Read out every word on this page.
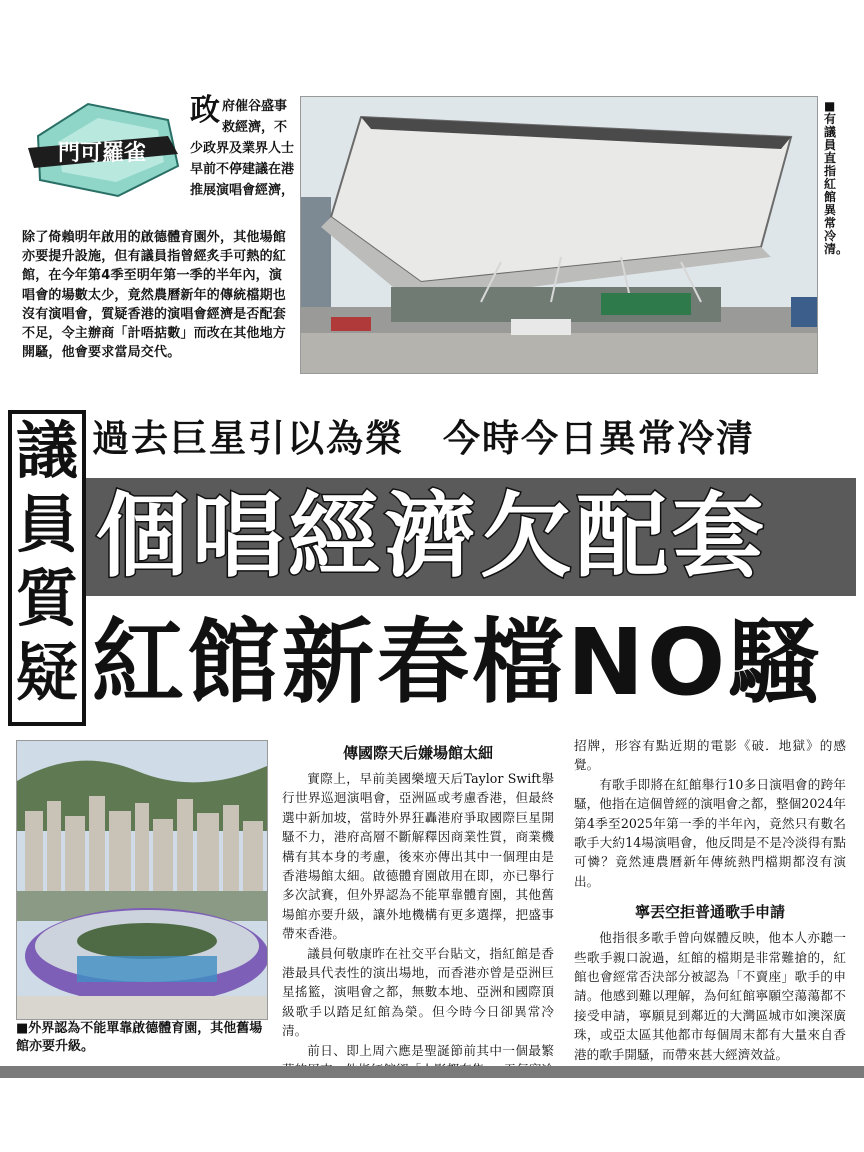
門可羅雀
政 府催谷盛事救經濟，不少政界及業界人士早前不停建議在港推展演唱會經濟，
除了倚賴明年啟用的啟德體育園外，其他場館亦要提升設施，但有議員指曾經炙手可熱的紅館，在今年第4季至明年第一季的半年內，演唱會的場數太少，竟然農曆新年的傳統檔期也沒有演唱會，質疑香港的演唱會經濟是否配套不足，令主辦商「計唔掂數」而改在其他地方開騷，他會要求當局交代。
■有議員直指紅館異常冷清。
議
員
質
疑
過去巨星引以為榮　今時今日異常冷清
個唱經濟欠配套
紅館新春檔NO騷
■外界認為不能單靠啟德體育園，其他舊場館亦要升級。
傳國際天后嫌場館太細

實際上，早前美國樂壇天后Taylor Swift舉行世界巡迴演唱會，亞洲區或考慮香港，但最終選中新加坡，當時外界狂轟港府爭取國際巨星開騷不力，港府高層不斷解釋因商業性質，商業機構有其本身的考慮，後來亦傳出其中一個理由是香港場館太細。啟德體育園啟用在即，亦已舉行多次試賽，但外界認為不能單靠體育園，其他舊場館亦要升級，讓外地機構有更多選擇，把盛事帶來香港。

議員何敬康昨在社交平台貼文，指紅館是香港最具代表性的演出場地，而香港亦曾是亞洲巨星搖籃，演唱會之都，無數本地、亞洲和國際頂級歌手以踏足紅館為榮。但今時今日卻異常冷清。

前日、即上周六應是聖誕節前其中一個最繁

招牌，形容有點近期的電影《破．地獄》的感覺。

有歌手即將在紅館舉行10多日演唱會的跨年騷，他指在這個曾經的演唱會之都，整個2024年第4季至2025年第一季的半年內，竟然只有數名歌手大約14場演唱會，他反問是不是冷淡得有點可憐？竟然連農曆新年傳統熱門檔期都沒有演出。

寧丟空拒普通歌手申請

他指很多歌手曾向媒體反映，他本人亦聽一些歌手親口說過，紅館的檔期是非常難搶的，紅館也會經常否決部分被認為「不賣座」歌手的申請。他感到難以理解，為何紅館寧願空蕩蕩都不接受申請，寧願見到鄰近的大灣區城市如澳深廣珠，或亞太區其他都市每個周末都有大量來自香港的歌手開騷，而帶來甚大經濟效益。
